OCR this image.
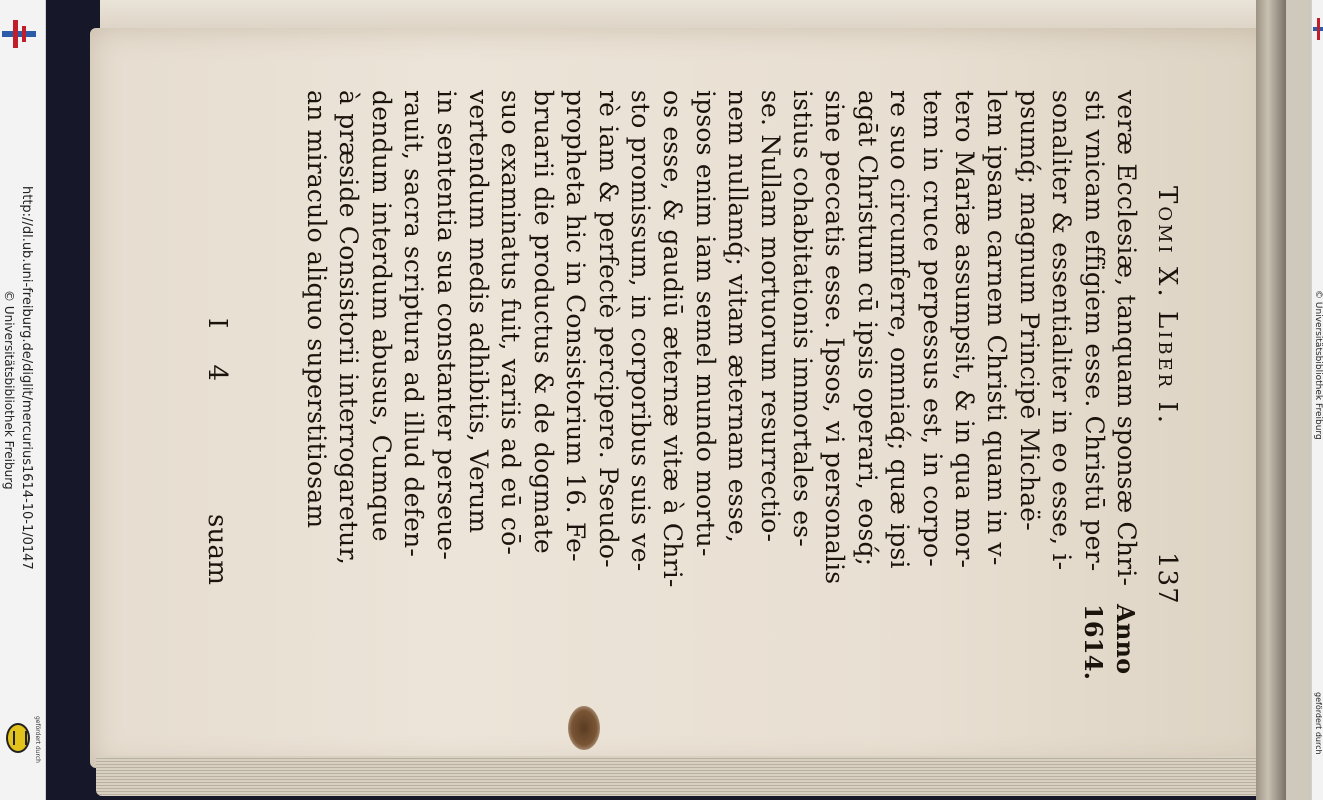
http://dl.ub.uni-freiburg.de/diglit/mercurius1614-10-1/0147
© Universitätsbibliothek Freiburg
gefördert durch
Tomi X. Liber I.
137
Anno
1614.
veræ Ecclesiæ, tanquam sponsæ Chri-
sti vnicam effigiem esse. Christū per-
sonaliter & essentialiter in eo esse, i-
psumq́; magnum Principē Michaë-
lem ipsam carnem Christi quam in v-
tero Mariæ assumpsit, & in qua mor-
tem in cruce perpessus est, in corpo-
re suo circumferre, omniaq́; quæ ipsi
agāt Christum cū ipsis operari, eosq́;
sine peccatis esse. Ipsos, vi personalis
istius cohabitationis immortales es-
se. Nullam mortuorum resurrectio-
nem nullamq́; vitam æternam esse,
ipsos enim iam semel mundo mortu-
os esse, & gaudiū æternæ vitæ à Chri-
sto promissum, in corporibus suis ve-
rè iam & perfectè percipere. Pseudo-
propheta hic in Consistorium 16. Fe-
bruarii die productus & de dogmate
suo examinatus fuit, variis ad eū cō-
vertendum medis adhibitis, Verum
in sententia sua constanter perseue-
rauit, sacra scriptura ad illud defen-
dendum interdum abusus, Cumque
à præside Consistorii interrogaretur,
an miraculo aliquo superstitiosam
I 4
suam
© Universitätsbibliothek Freiburg
gefördert durch
